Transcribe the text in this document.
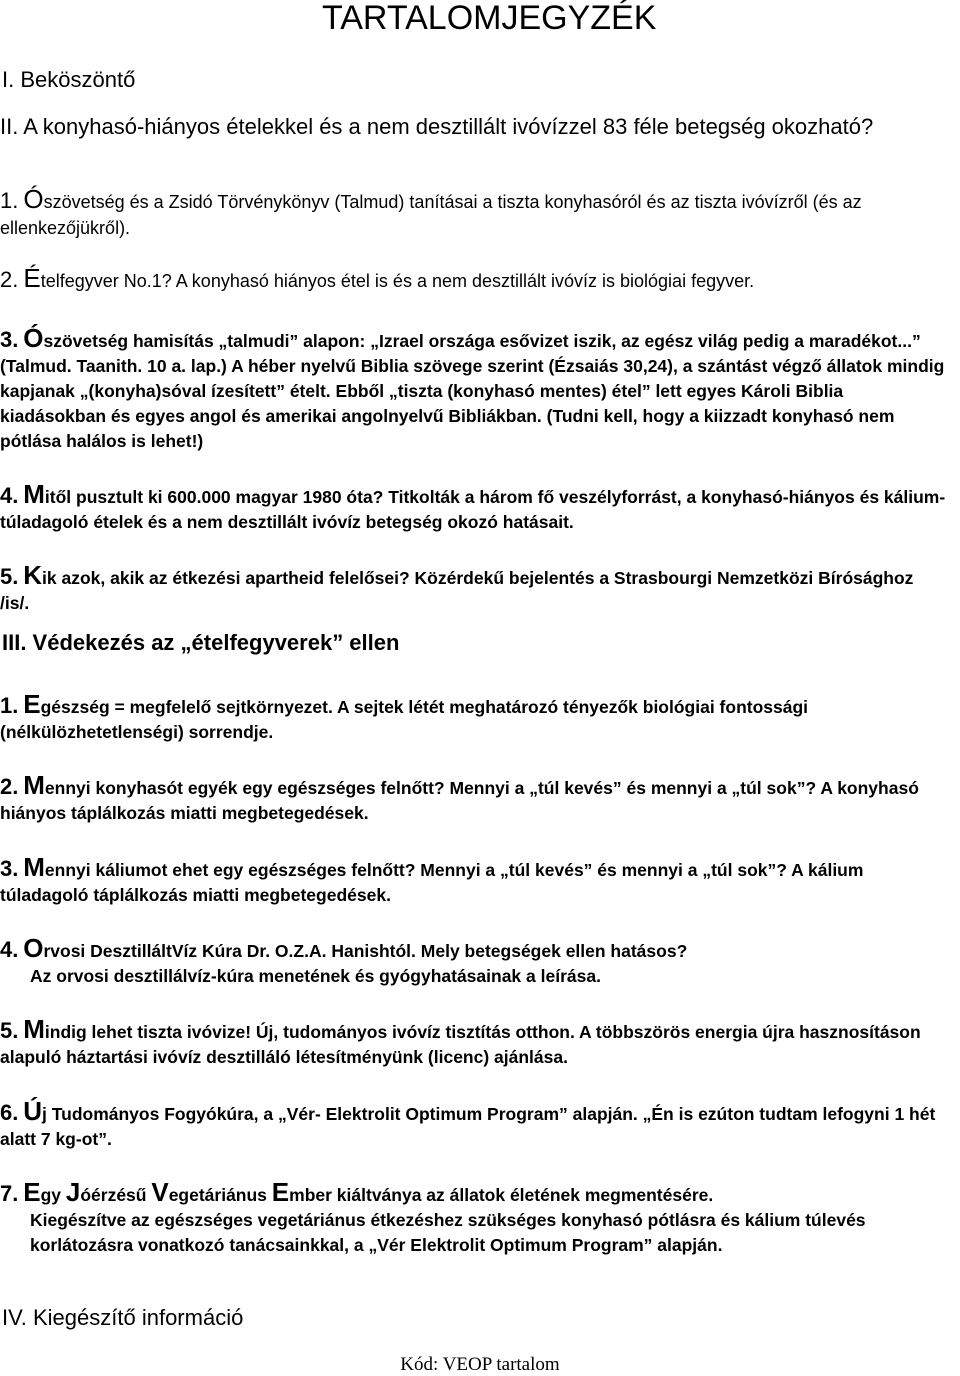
TARTALOMJEGYZÉK
I. Beköszöntő
II. A konyhasó-hiányos ételekkel és a nem desztillált ivóvízzel 83 féle betegség okozható?
1. Ószövetség és a Zsidó Törvénykönyv (Talmud) tanításai a tiszta konyhasóról és az tiszta ivóvízről (és az ellenkezőjükről).
2. Ételfegyver No.1? A konyhasó hiányos étel is és a nem desztillált ivóvíz is biológiai fegyver.
3. Ószövetség hamisítás „talmudi” alapon: „Izrael országa esővizet iszik, az egész világ pedig a maradékot...” (Talmud. Taanith. 10 a. lap.) A héber nyelvű Biblia szövege szerint (Ézsaiás 30,24), a szántást végző állatok mindig kapjanak „(konyha)sóval ízesített” ételt. Ebből „tiszta (konyhasó mentes) étel” lett egyes Károli Biblia kiadásokban és egyes angol és amerikai angolnyelvű Bibliákban. (Tudni kell, hogy a kiizzadt konyhasó nem pótlása halálos is lehet!)
4. Mitől pusztult ki 600.000 magyar 1980 óta? Titkolták a három fő veszélyforrást, a konyhasó-hiányos és kálium-túladagoló ételek és a nem desztillált ivóvíz betegség okozó hatásait.
5. Kik azok, akik az étkezési apartheid felelősei? Közérdekű bejelentés a Strasbourgi Nemzetközi Bírósághoz /is/.
III. Védekezés az „ételfegyverek” ellen
1. Egészség = megfelelő sejtkörnyezet. A sejtek létét meghatározó tényezők biológiai fontossági (nélkülözhetetlenségi) sorrendje.
2. Mennyi konyhasót egyék egy egészséges felnőtt? Mennyi a „túl kevés” és mennyi a „túl sok”? A konyhasó hiányos táplálkozás miatti megbetegedések.
3. Mennyi káliumot ehet egy egészséges felnőtt? Mennyi a „túl kevés” és mennyi a „túl sok”? A kálium túladagoló táplálkozás miatti megbetegedések.
4. Orvosi DesztilláltVíz Kúra Dr. O.Z.A. Hanishtól. Mely betegségek ellen hatásos?
Az orvosi desztillálvíz-kúra menetének és gyógyhatásainak a leírása.
5. Mindig lehet tiszta ivóvize! Új, tudományos ivóvíz tisztítás otthon. A többszörös energia újra hasznosításon alapuló háztartási ivóvíz desztilláló létesítményünk (licenc) ajánlása.
6. Új Tudományos Fogyókúra, a „Vér- Elektrolit Optimum Program” alapján. „Én is ezúton tudtam lefogyni 1 hét alatt 7 kg-ot”.
7. Egy Jóérzésű Vegetáriánus Ember kiáltványa az állatok életének megmentésére.
Kiegészítve az egészséges vegetáriánus étkezéshez szükséges konyhasó pótlásra és kálium túlevés korlátozásra vonatkozó tanácsainkkal, a „Vér Elektrolit Optimum Program” alapján.
IV. Kiegészítő információ
Kód: VEOP tartalom
